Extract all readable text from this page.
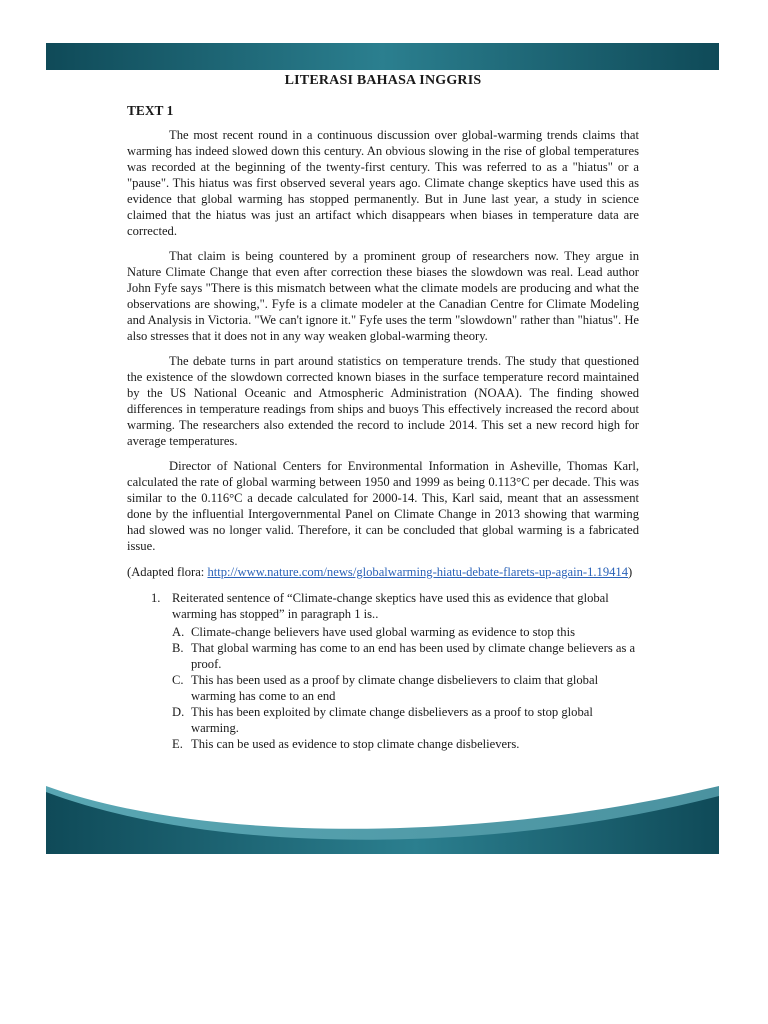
LITERASI BAHASA INGGRIS
TEXT 1

The most recent round in a continuous discussion over global-warming trends claims that warming has indeed slowed down this century. An obvious slowing in the rise of global temperatures was recorded at the beginning of the twenty-first century. This was referred to as a "hiatus" or a "pause". This hiatus was first observed several years ago. Climate change skeptics have used this as evidence that global warming has stopped permanently. But in June last year, a study in science claimed that the hiatus was just an artifact which disappears when biases in temperature data are corrected.

That claim is being countered by a prominent group of researchers now. They argue in Nature Climate Change that even after correction these biases the slowdown was real. Lead author John Fyfe says "There is this mismatch between what the climate models are producing and what the observations are showing,". Fyfe is a climate modeler at the Canadian Centre for Climate Modeling and Analysis in Victoria. "We can't ignore it." Fyfe uses the term "slowdown" rather than "hiatus". He also stresses that it does not in any way weaken global-warming theory.

The debate turns in part around statistics on temperature trends. The study that questioned the existence of the slowdown corrected known biases in the surface temperature record maintained by the US National Oceanic and Atmospheric Administration (NOAA). The finding showed differences in temperature readings from ships and buoys This effectively increased the record about warming. The researchers also extended the record to include 2014. This set a new record high for average temperatures.

Director of National Centers for Environmental Information in Asheville, Thomas Karl, calculated the rate of global warming between 1950 and 1999 as being 0.113°C per decade. This was similar to the 0.116°C a decade calculated for 2000-14. This, Karl said, meant that an assessment done by the influential Intergovernmental Panel on Climate Change in 2013 showing that warming had slowed was no longer valid. Therefore, it can be concluded that global warming is a fabricated issue.

(Adapted flora: http://www.nature.com/news/globalwarming-hiatu-debate-flarets-up-again-1.19414)

1. Reiterated sentence of “Climate-change skeptics have used this as evidence that global warming has stopped” in paragraph 1 is..
A. Climate-change believers have used global warming as evidence to stop this
B. That global warming has come to an end has been used by climate change believers as a proof.
C. This has been used as a proof by climate change disbelievers to claim that global warming has come to an end
D. This has been exploited by climate change disbelievers as a proof to stop global warming.
E. This can be used as evidence to stop climate change disbelievers.
